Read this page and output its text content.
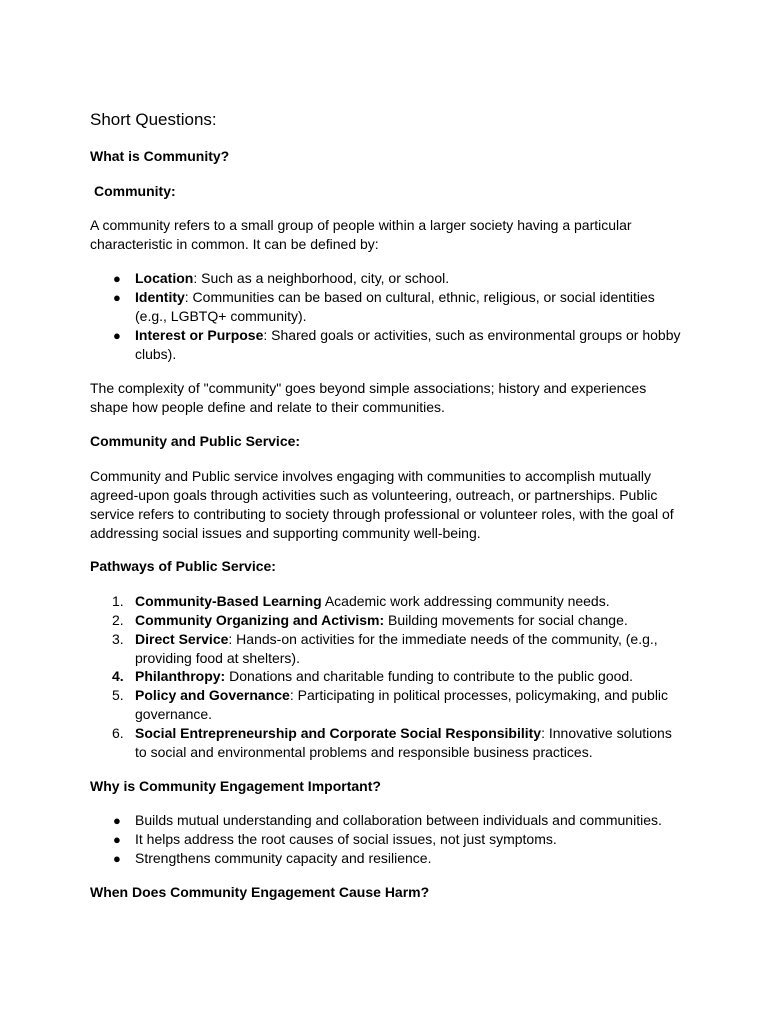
Short Questions:

What is Community?

Community:

A community refers to a small group of people within a larger society having a particular

characteristic in common. It can be defined by:

● Location: Such as a neighborhood, city, or school.

● Identity: Communities can be based on cultural, ethnic, religious, or social identities

(e.g., LGBTQ+ community).

● Interest or Purpose: Shared goals or activities, such as environmental groups or hobby

clubs).

The complexity of "community" goes beyond simple associations; history and experiences

shape how people define and relate to their communities.

Community and Public Service:

Community and Public service involves engaging with communities to accomplish mutually

agreed-upon goals through activities such as volunteering, outreach, or partnerships. Public

service refers to contributing to society through professional or volunteer roles, with the goal of

addressing social issues and supporting community well-being.

Pathways of Public Service:

1. Community-Based Learning Academic work addressing community needs.

2. Community Organizing and Activism: Building movements for social change.

3. Direct Service: Hands-on activities for the immediate needs of the community, (e.g.,

providing food at shelters).

4. Philanthropy: Donations and charitable funding to contribute to the public good.

5. Policy and Governance: Participating in political processes, policymaking, and public

governance.

6. Social Entrepreneurship and Corporate Social Responsibility: Innovative solutions

to social and environmental problems and responsible business practices.

Why is Community Engagement Important?

● Builds mutual understanding and collaboration between individuals and communities.

● It helps address the root causes of social issues, not just symptoms.

● Strengthens community capacity and resilience.

When Does Community Engagement Cause Harm?
